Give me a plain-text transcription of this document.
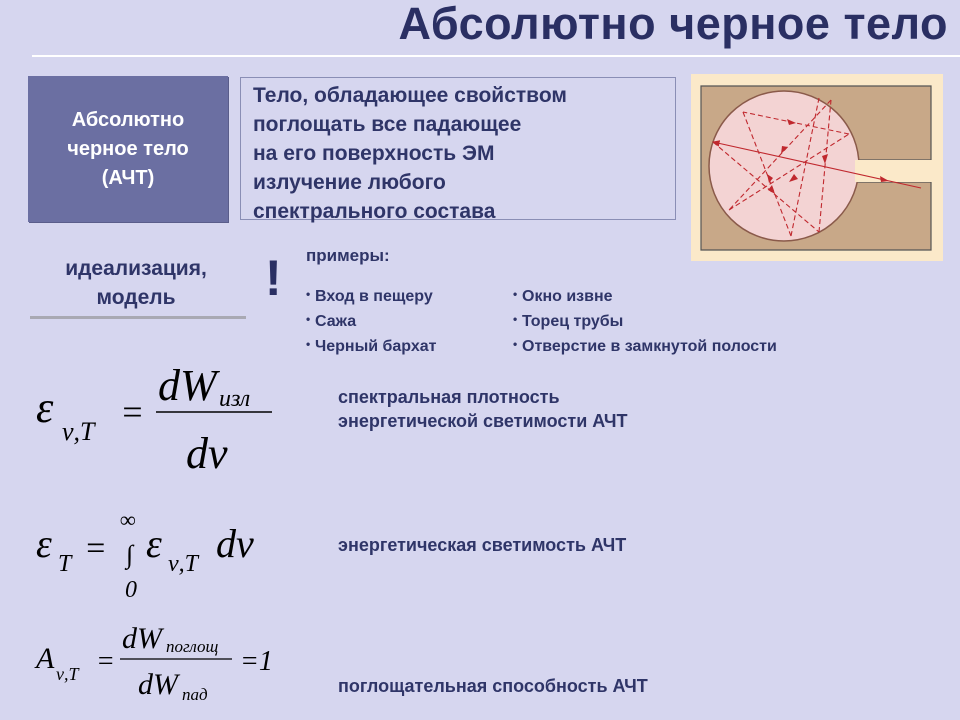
Абсолютно черное тело
Абсолютно
черное тело
(АЧТ)
Тело, обладающее свойством
поглощать все падающее
на его поверхность ЭМ
излучение любого
спектрального состава
идеализация,
модель	! примеры:
• Вход в пещеру
• Сажа
• Черный бархат
• Окно извне
• Торец трубы
• Отверстие в замкнутой полости
ε ν,T =
dW изл
dν
спектральная плотность
энергетической светимости АЧТ
ε T =
∞
∫
0
ε ν,T dν	энергетическая светимость АЧТ
A ν,T =
dW поглощ
dW пад
=1
поглощательная способность АЧТ
